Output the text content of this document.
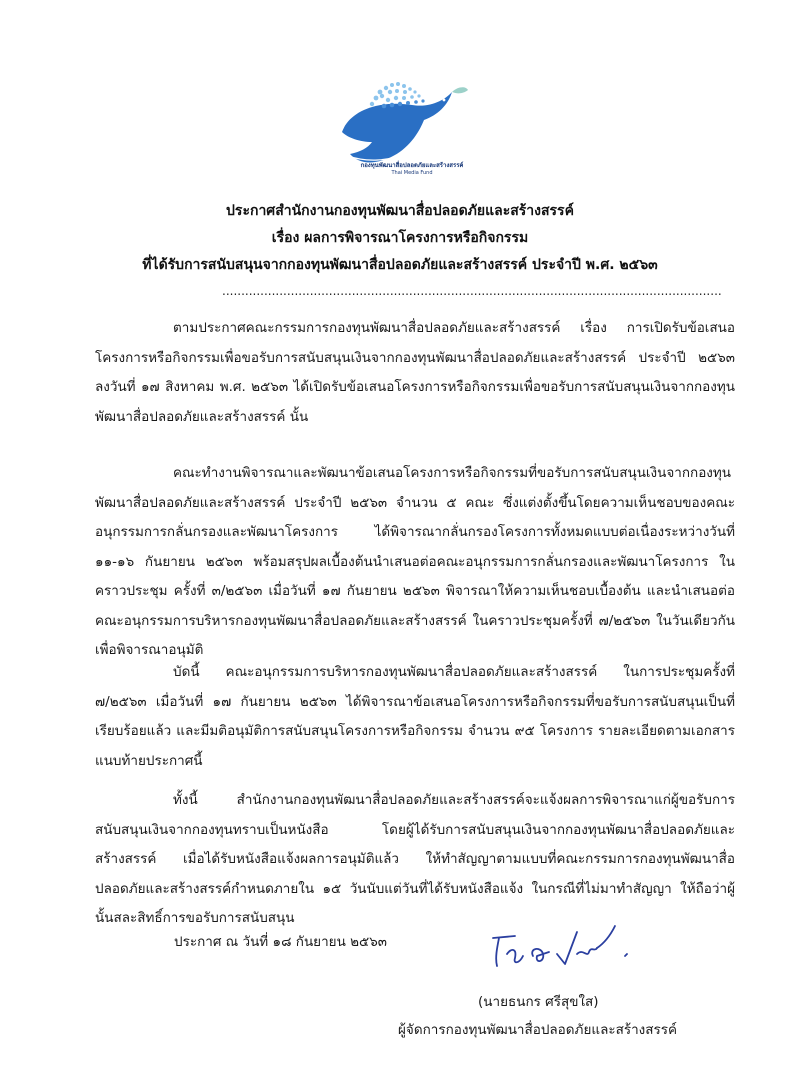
กองทุนพัฒนาสื่อปลอดภัยและสร้างสรรค์
Thai Media Fund
ประกาศสำนักงานกองทุนพัฒนาสื่อปลอดภัยและสร้างสรรค์
เรื่อง ผลการพิจารณาโครงการหรือกิจกรรม
ที่ได้รับการสนับสนุนจากกองทุนพัฒนาสื่อปลอดภัยและสร้างสรรค์ ประจำปี พ.ศ. ๒๕๖๓
...................................................................................................................................
ตามประกาศคณะกรรมการกองทุนพัฒนาสื่อปลอดภัยและสร้างสรรค์ เรื่อง การเปิดรับข้อเสนอโครงการหรือกิจกรรมเพื่อขอรับการสนับสนุนเงินจากกองทุนพัฒนาสื่อปลอดภัยและสร้างสรรค์ ประจำปี ๒๕๖๓ ลงวันที่ ๑๗ สิงหาคม พ.ศ. ๒๕๖๓ ได้เปิดรับข้อเสนอโครงการหรือกิจกรรมเพื่อขอรับการสนับสนุนเงินจากกองทุนพัฒนาสื่อปลอดภัยและสร้างสรรค์ นั้น
คณะทำงานพิจารณาและพัฒนาข้อเสนอโครงการหรือกิจกรรมที่ขอรับการสนับสนุนเงินจากกองทุนพัฒนาสื่อปลอดภัยและสร้างสรรค์ ประจำปี ๒๕๖๓ จำนวน ๕ คณะ ซึ่งแต่งตั้งขึ้นโดยความเห็นชอบของคณะอนุกรรมการกลั่นกรองและพัฒนาโครงการ ได้พิจารณากลั่นกรองโครงการทั้งหมดแบบต่อเนื่องระหว่างวันที่ ๑๑-๑๖ กันยายน ๒๕๖๓ พร้อมสรุปผลเบื้องต้นนำเสนอต่อคณะอนุกรรมการกลั่นกรองและพัฒนาโครงการ ในคราวประชุม ครั้งที่ ๓/๒๕๖๓ เมื่อวันที่ ๑๗ กันยายน ๒๕๖๓ พิจารณาให้ความเห็นชอบเบื้องต้น และนำเสนอต่อคณะอนุกรรมการบริหารกองทุนพัฒนาสื่อปลอดภัยและสร้างสรรค์ ในคราวประชุมครั้งที่ ๗/๒๕๖๓ ในวันเดียวกัน เพื่อพิจารณาอนุมัติ
บัดนี้ คณะอนุกรรมการบริหารกองทุนพัฒนาสื่อปลอดภัยและสร้างสรรค์ ในการประชุมครั้งที่ ๗/๒๕๖๓ เมื่อวันที่ ๑๗ กันยายน ๒๕๖๓ ได้พิจารณาข้อเสนอโครงการหรือกิจกรรมที่ขอรับการสนับสนุนเป็นที่เรียบร้อยแล้ว และมีมติอนุมัติการสนับสนุนโครงการหรือกิจกรรม จำนวน ๙๕ โครงการ รายละเอียดตามเอกสารแนบท้ายประกาศนี้
ทั้งนี้ สำนักงานกองทุนพัฒนาสื่อปลอดภัยและสร้างสรรค์จะแจ้งผลการพิจารณาแก่ผู้ขอรับการสนับสนุนเงินจากกองทุนทราบเป็นหนังสือ โดยผู้ได้รับการสนับสนุนเงินจากกองทุนพัฒนาสื่อปลอดภัยและสร้างสรรค์ เมื่อได้รับหนังสือแจ้งผลการอนุมัติแล้ว ให้ทำสัญญาตามแบบที่คณะกรรมการกองทุนพัฒนาสื่อปลอดภัยและสร้างสรรค์กำหนดภายใน ๑๕ วันนับแต่วันที่ได้รับหนังสือแจ้ง ในกรณีที่ไม่มาทำสัญญา ให้ถือว่าผู้นั้นสละสิทธิ์การขอรับการสนับสนุน
ประกาศ ณ วันที่ ๑๘ กันยายน ๒๕๖๓
(นายธนกร ศรีสุขใส)
ผู้จัดการกองทุนพัฒนาสื่อปลอดภัยและสร้างสรรค์
